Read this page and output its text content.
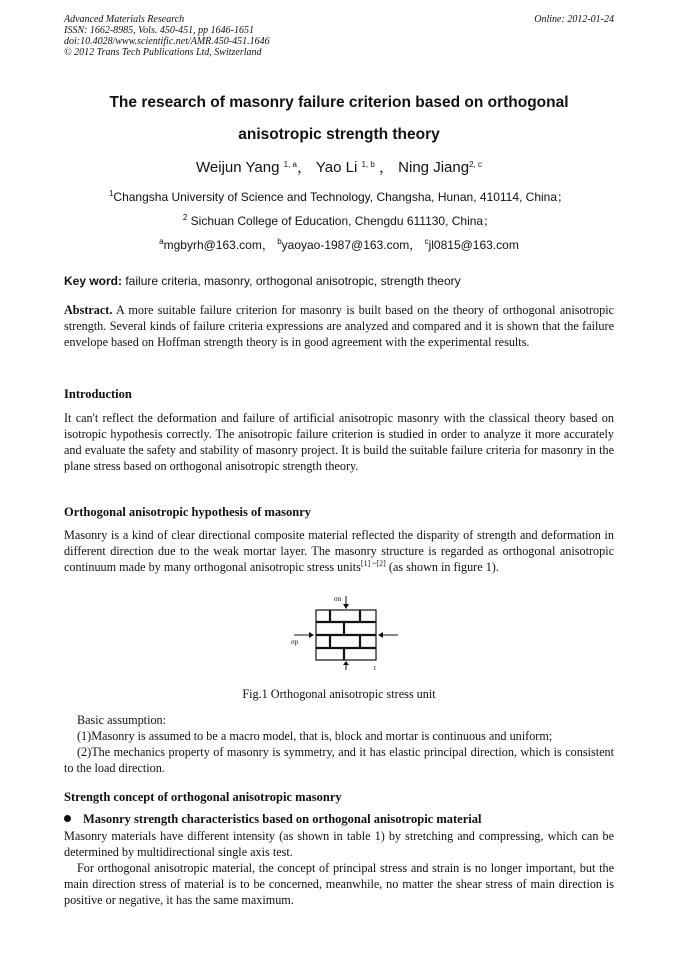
Advanced Materials Research
ISSN: 1662-8985, Vols. 450-451, pp 1646-1651
doi:10.4028/www.scientific.net/AMR.450-451.1646
© 2012 Trans Tech Publications Ltd, Switzerland
Online: 2012-01-24
The research of masonry failure criterion based on orthogonal
anisotropic strength theory
Weijun Yang $^{1, a}$， Yao Li $^{1, b}$ ， Ning Jiang$^{2, c}$
$^1$Changsha University of Science and Technology, Changsha, Hunan, 410114, China；
$^2$ Sichuan College of Education, Chengdu 611130, China；
$^a$mgbyrh@163.com， $^b$yaoyao-1987@163.com， $^c$jl0815@163.com
Key word: failure criteria, masonry, orthogonal anisotropic, strength theory

Abstract. A more suitable failure criterion for masonry is built based on the theory of orthogonal anisotropic strength. Several kinds of failure criteria expressions are analyzed and compared and it is shown that the failure envelope based on Hoffman strength theory is in good agreement with the experimental results.

Introduction
It can't reflect the deformation and failure of artificial anisotropic masonry with the classical theory based on isotropic hypothesis correctly. The anisotropic failure criterion is studied in order to analyze it more accurately and evaluate the safety and stability of masonry project. It is build the suitable failure criteria for masonry in the plane stress based on orthogonal anisotropic strength theory.
Orthogonal anisotropic hypothesis of masonry
Masonry is a kind of clear directional composite material reflected the disparity of strength and deformation in different direction due to the weak mortar layer. The masonry structure is regarded as orthogonal anisotropic continuum made by many orthogonal anisotropic stress units[1] ~[2] (as shown in figure 1).
σn
σp
t
Fig.1 Orthogonal anisotropic stress unit

Basic assumption:

(1)Masonry is assumed to be a macro model, that is, block and mortar is continuous and uniform;

(2)The mechanics property of masonry is symmetry, and it has elastic principal direction, which is consistent to the load direction.

Strength concept of orthogonal anisotropic masonry
Masonry strength characteristics based on orthogonal anisotropic material

Masonry materials have different intensity (as shown in table 1) by stretching and compressing, which can be determined by multidirectional single axis test.

For orthogonal anisotropic material, the concept of principal stress and strain is no longer important, but the main direction stress of material is to be concerned, meanwhile, no matter the shear stress of main direction is positive or negative, it has the same maximum.
